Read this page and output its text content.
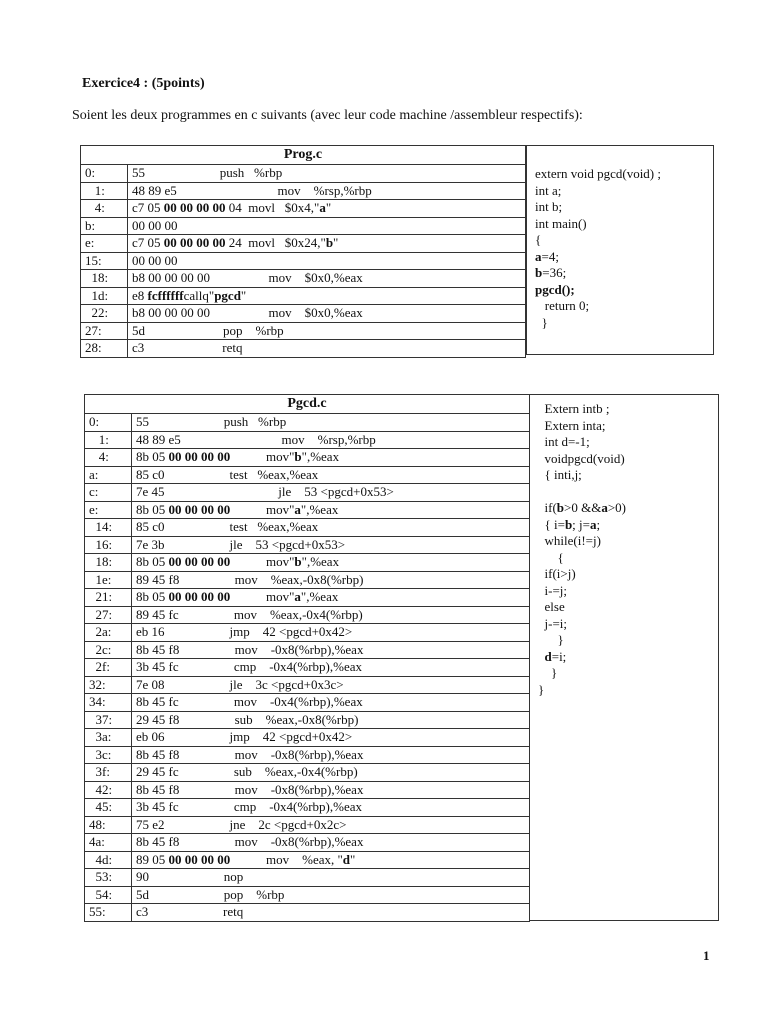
Exercice4 : (5points)
Soient les deux programmes en c suivants (avec leur code machine /assembleur respectifs):
Prog.c	
0:	55                       push   %rbp
1:	48 89 e5                               mov    %rsp,%rbp
4:	c7 05 00 00 00 00 04  movl   $0x4,"a"
b:	00 00 00
e:	c7 05 00 00 00 00 24  movl   $0x24,"b"
15:	00 00 00
18:	b8 00 00 00 00                  mov    $0x0,%eax
1d:	e8 fcffffffcallq"pgcd"
22:	b8 00 00 00 00                  mov    $0x0,%eax
27:	5d                        pop    %rbp
28:	c3                        retq
extern void pgcd(void) ;
int a;
int b;
int main()
{
a=4;
b=36;
pgcd();
return 0;
}
Pgcd.c	
0:	55                       push   %rbp
1:	48 89 e5                               mov    %rsp,%rbp
4:	8b 05 00 00 00 00           mov"b",%eax
a:	85 c0                    test   %eax,%eax
c:	7e 45                                   jle    53 <pgcd+0x53>
e:	8b 05 00 00 00 00           mov"a",%eax
14:	85 c0                    test   %eax,%eax
16:	7e 3b                    jle    53 <pgcd+0x53>
18:	8b 05 00 00 00 00           mov"b",%eax
1e:	89 45 f8                 mov    %eax,-0x8(%rbp)
21:	8b 05 00 00 00 00           mov"a",%eax
27:	89 45 fc                 mov    %eax,-0x4(%rbp)
2a:	eb 16                    jmp    42 <pgcd+0x42>
2c:	8b 45 f8                 mov    -0x8(%rbp),%eax
2f:	3b 45 fc                 cmp    -0x4(%rbp),%eax
32:	7e 08                    jle    3c <pgcd+0x3c>
34:	8b 45 fc                 mov    -0x4(%rbp),%eax
37:	29 45 f8                 sub    %eax,-0x8(%rbp)
3a:	eb 06                    jmp    42 <pgcd+0x42>
3c:	8b 45 f8                 mov    -0x8(%rbp),%eax
3f:	29 45 fc                 sub    %eax,-0x4(%rbp)
42:	8b 45 f8                 mov    -0x8(%rbp),%eax
45:	3b 45 fc                 cmp    -0x4(%rbp),%eax
48:	75 e2                    jne    2c <pgcd+0x2c>
4a:	8b 45 f8                 mov    -0x8(%rbp),%eax
4d:	89 05 00 00 00 00           mov    %eax, "d"
53:	90                       nop
54:	5d                       pop    %rbp
55:	c3                       retq
Extern intb ;
Extern inta;
int d=-1;
voidpgcd(void)
{ inti,j;

if(b>0 &&a>0)
{ i=b; j=a;
while(i!=j)
{
if(i>j)
i-=j;
else
j-=i;
}
d=i;
}
}
1
